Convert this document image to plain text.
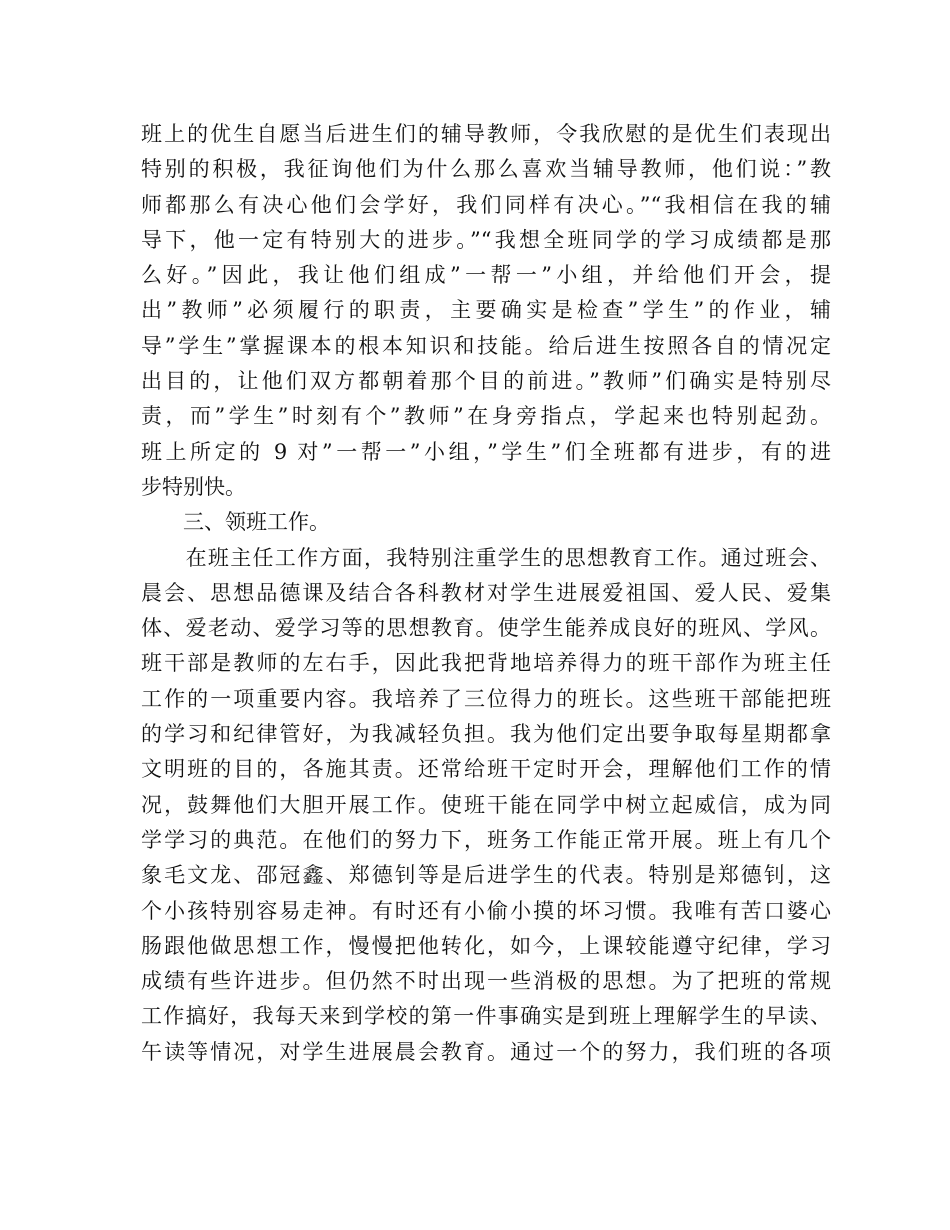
班上的优生自愿当后进生们的辅导教师，令我欣慰的是优生们表现出
特别的积极，我征询他们为什么那么喜欢当辅导教师，他们说：”教
师都那么有决心他们会学好，我们同样有决心。”“我相信在我的辅
导下，他一定有特别大的进步。”“我想全班同学的学习成绩都是那
么好。”因此，我让他们组成”一帮一”小组，并给他们开会，提
出”教师”必须履行的职责，主要确实是检查”学生”的作业，辅
导”学生”掌握课本的根本知识和技能。给后进生按照各自的情况定
出目的，让他们双方都朝着那个目的前进。”教师”们确实是特别尽
责，而”学生”时刻有个”教师”在身旁指点，学起来也特别起劲。
班上所定的 9 对”一帮一”小组，”学生”们全班都有进步，有的进
步特别快。
　　三、领班工作。
　　在班主任工作方面，我特别注重学生的思想教育工作。通过班会、
晨会、思想品德课及结合各科教材对学生进展爱祖国、爱人民、爱集
体、爱老动、爱学习等的思想教育。使学生能养成良好的班风、学风。
班干部是教师的左右手，因此我把背地培养得力的班干部作为班主任
工作的一项重要内容。我培养了三位得力的班长。这些班干部能把班
的学习和纪律管好，为我减轻负担。我为他们定出要争取每星期都拿
文明班的目的，各施其责。还常给班干定时开会，理解他们工作的情
况，鼓舞他们大胆开展工作。使班干能在同学中树立起威信，成为同
学学习的典范。在他们的努力下，班务工作能正常开展。班上有几个
象毛文龙、邵冠鑫、郑德钊等是后进学生的代表。特别是郑德钊，这
个小孩特别容易走神。有时还有小偷小摸的坏习惯。我唯有苦口婆心
肠跟他做思想工作，慢慢把他转化，如今，上课较能遵守纪律，学习
成绩有些许进步。但仍然不时出现一些消极的思想。为了把班的常规
工作搞好，我每天来到学校的第一件事确实是到班上理解学生的早读、
午读等情况，对学生进展晨会教育。通过一个的努力，我们班的各项
